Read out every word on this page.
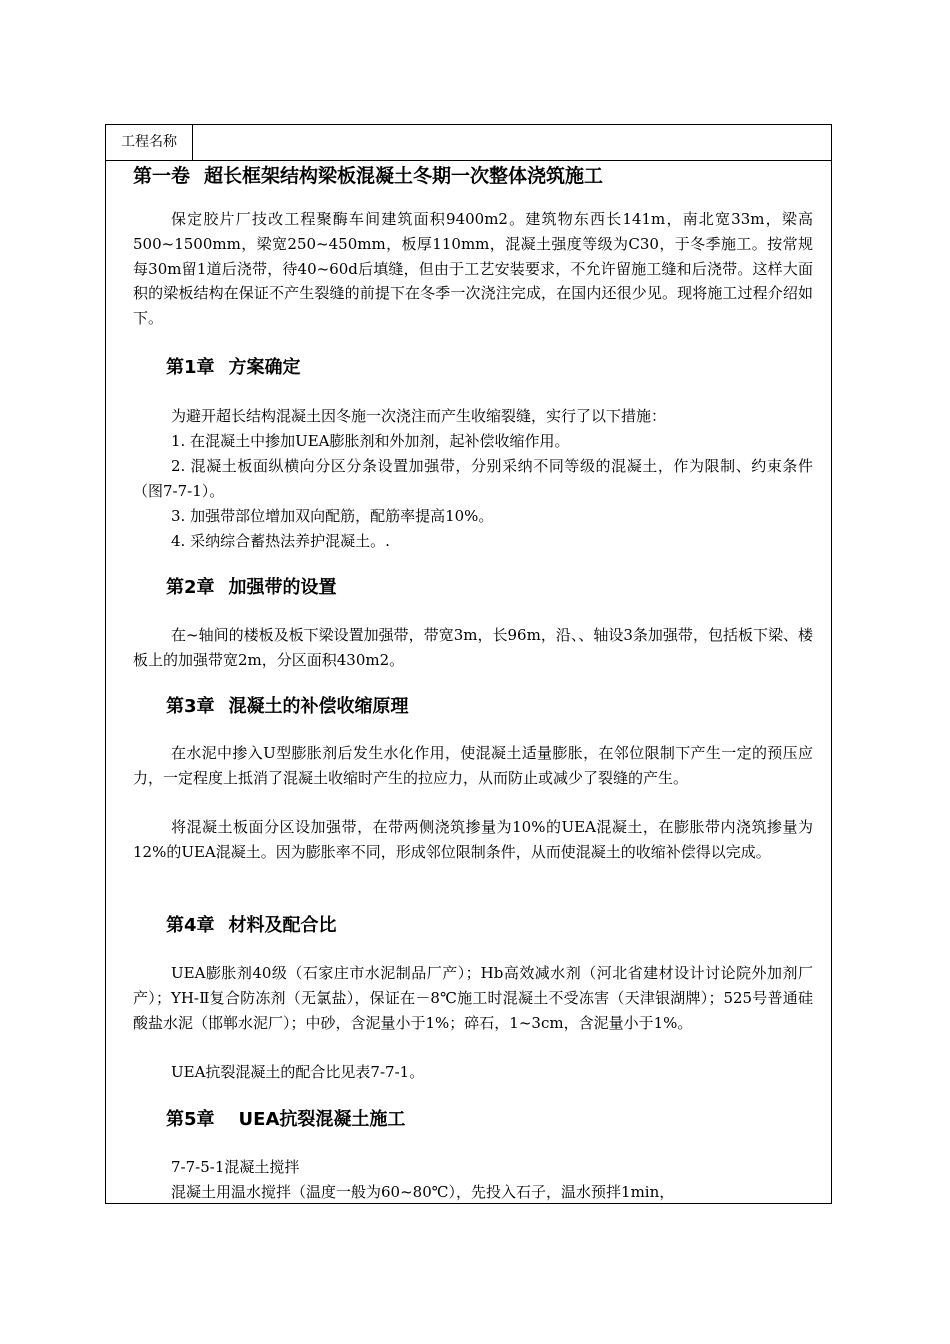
工程名称
第一卷 超长框架结构梁板混凝土冬期一次整体浇筑施工

保定胶片厂技改工程聚酶车间建筑面积9400m2。建筑物东西长141m，南北宽33m，梁高500~1500mm，梁宽250~450mm，板厚110mm，混凝土强度等级为C30，于冬季施工。按常规每30m留1道后浇带，待40~60d后填缝，但由于工艺安装要求，不允许留施工缝和后浇带。这样大面积的梁板结构在保证不产生裂缝的前提下在冬季一次浇注完成，在国内还很少见。现将施工过程介绍如下。

第1章 方案确定

为避开超长结构混凝土因冬施一次浇注而产生收缩裂缝，实行了以下措施：

1. 在混凝土中掺加UEA膨胀剂和外加剂，起补偿收缩作用。

2. 混凝土板面纵横向分区分条设置加强带，分别采纳不同等级的混凝土，作为限制、约束条件（图7-7-1）。

3. 加强带部位增加双向配筋，配筋率提高10%。

4. 采纳综合蓄热法养护混凝土。.

第2章 加强带的设置

在~轴间的楼板及板下梁设置加强带，带宽3m，长96m，沿、、轴设3条加强带，包括板下梁、楼板上的加强带宽2m，分区面积430m2。

第3章 混凝土的补偿收缩原理

在水泥中掺入U型膨胀剂后发生水化作用，使混凝土适量膨胀，在邻位限制下产生一定的预压应力，一定程度上抵消了混凝土收缩时产生的拉应力，从而防止或减少了裂缝的产生。

将混凝土板面分区设加强带，在带两侧浇筑掺量为10%的UEA混凝土，在膨胀带内浇筑掺量为12%的UEA混凝土。因为膨胀率不同，形成邻位限制条件，从而使混凝土的收缩补偿得以完成。

第4章 材料及配合比

UEA膨胀剂40级（石家庄市水泥制品厂产）；Hb高效减水剂（河北省建材设计讨论院外加剂厂产）；YH-Ⅱ复合防冻剂（无氯盐），保证在－8℃施工时混凝土不受冻害（天津银湖牌）；525号普通硅酸盐水泥（邯郸水泥厂）；中砂，含泥量小于1%；碎石，1~3cm，含泥量小于1%。

UEA抗裂混凝土的配合比见表7-7-1。

第5章 UEA抗裂混凝土施工

7-7-5-1混凝土搅拌

混凝土用温水搅拌（温度一般为60~80℃），先投入石子，温水预拌1min，
